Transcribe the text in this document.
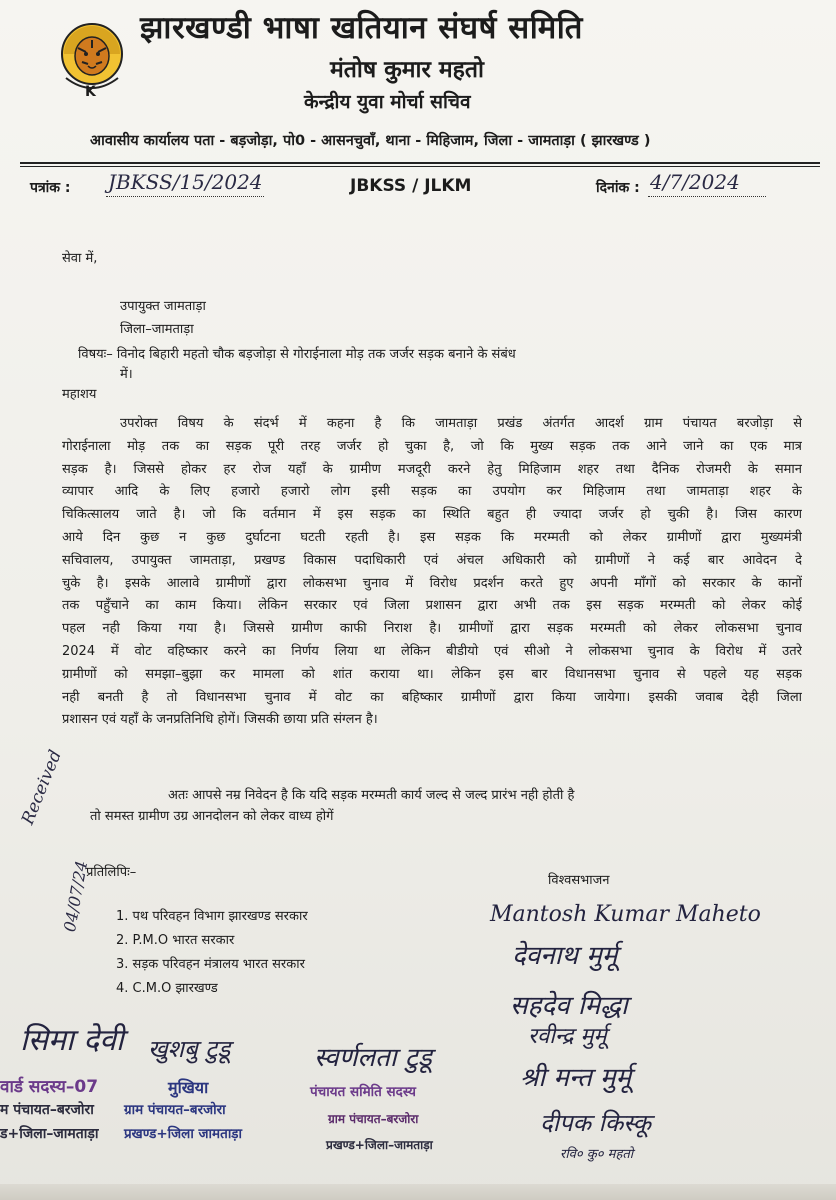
K
झारखण्डी भाषा खतियान संघर्ष समिति
मंतोष कुमार महतो
केन्द्रीय युवा मोर्चा सचिव
आवासीय कार्यालय पता - बड़जोड़ा, पो0 - आसनचुवाँ, थाना - मिहिजाम, जिला - जामताड़ा ( झारखण्ड )
पत्रांक : JBKSS/15/2024	JBKSS / JLKM	दिनांक : 4/7/2024
सेवा में,
उपायुक्त जामताड़ा
जिला–जामताड़ा
विषयः– विनोद बिहारी महतो चौक बड़जोड़ा से गोराईनाला मोड़ तक जर्जर सड़क बनाने के संबंध
में।
महाशय
उपरोक्त विषय के संदर्भ में कहना है कि जामताड़ा प्रखंड अंतर्गत आदर्श ग्राम पंचायत बरजोड़ा से
गोराईनाला मोड़ तक का सड़क पूरी तरह जर्जर हो चुका है, जो कि मुख्य सड़क तक आने जाने का एक मात्र
सड़क है। जिससे होकर हर रोज यहाँ के ग्रामीण मजदूरी करने हेतु मिहिजाम शहर तथा दैनिक रोजमरी के समान
व्यापार आदि के लिए हजारो हजारो लोग इसी सड़क का उपयोग कर मिहिजाम तथा जामताड़ा शहर के
चिकित्सालय जाते है। जो कि वर्तमान में इस सड़क का स्थिति बहुत ही ज्यादा जर्जर हो चुकी है। जिस कारण
आये दिन कुछ न कुछ दुर्घाटना घटती रहती है। इस सड़क कि मरम्मती को लेकर ग्रामीणों द्वारा मुख्यमंत्री
सचिवालय, उपायुक्त जामताड़ा, प्रखण्ड विकास पदाधिकारी एवं अंचल अधिकारी को ग्रामीणों ने कई बार आवेदन दे
चुके है। इसके आलावे ग्रामीणों द्वारा लोकसभा चुनाव में विरोध प्रदर्शन करते हुए अपनी माँगों को सरकार के कानों
तक पहुँचाने का काम किया। लेकिन सरकार एवं जिला प्रशासन द्वारा अभी तक इस सड़क मरम्मती को लेकर कोई
पहल नही किया गया है। जिससे ग्रामीण काफी निराश है। ग्रामीणों द्वारा सड़क मरम्मती को लेकर लोकसभा चुनाव
2024 में वोट वहिष्कार करने का निर्णय लिया था लेकिन बीडीयो एवं सीओ ने लोकसभा चुनाव के विरोध में उतरे
ग्रामीणों को समझा–बुझा कर मामला को शांत कराया था। लेकिन इस बार विधानसभा चुनाव से पहले यह सड़क
नही बनती है तो विधानसभा चुनाव में वोट का बहिष्कार ग्रामीणों द्वारा किया जायेगा। इसकी जवाब देही जिला
प्रशासन एवं यहाँ के जनप्रतिनिधि होगें। जिसकी छाया प्रति संग्लन है।
अतः आपसे नम्र निवेदन है कि यदि सड़क मरम्मती कार्य जल्द से जल्द प्रारंभ नही होती है
तो समस्त ग्रामीण उग्र आनदोलन को लेकर वाध्य होगें
Received
04/07/24
प्रतिलिपिः–
1. पथ परिवहन विभाग झारखण्ड सरकार
2. P.M.O भारत सरकार
3. सड़क परिवहन मंत्रालय भारत सरकार
4. C.M.O झारखण्ड
विश्वसभाजन
Mantosh Kumar Maheto
देवनाथ मुर्मू
सहदेव मिद्धा
रवीन्द्र मुर्मू
श्री मन्त मुर्मू
दीपक किस्कू
रवि० कु० महतो
सिमा देवी खुशबु टुडू
वार्ड सदस्य–07
म पंचायत–बरजोरा
ड+जिला–जामताड़ा
मुखिया
ग्राम पंचायत–बरजोरा
प्रखण्ड+जिला जामताड़ा
स्वर्णलता टुडू
पंचायत समिति सदस्य
ग्राम पंचायत–बरजोरा
प्रखण्ड+जिला–जामताड़ा
